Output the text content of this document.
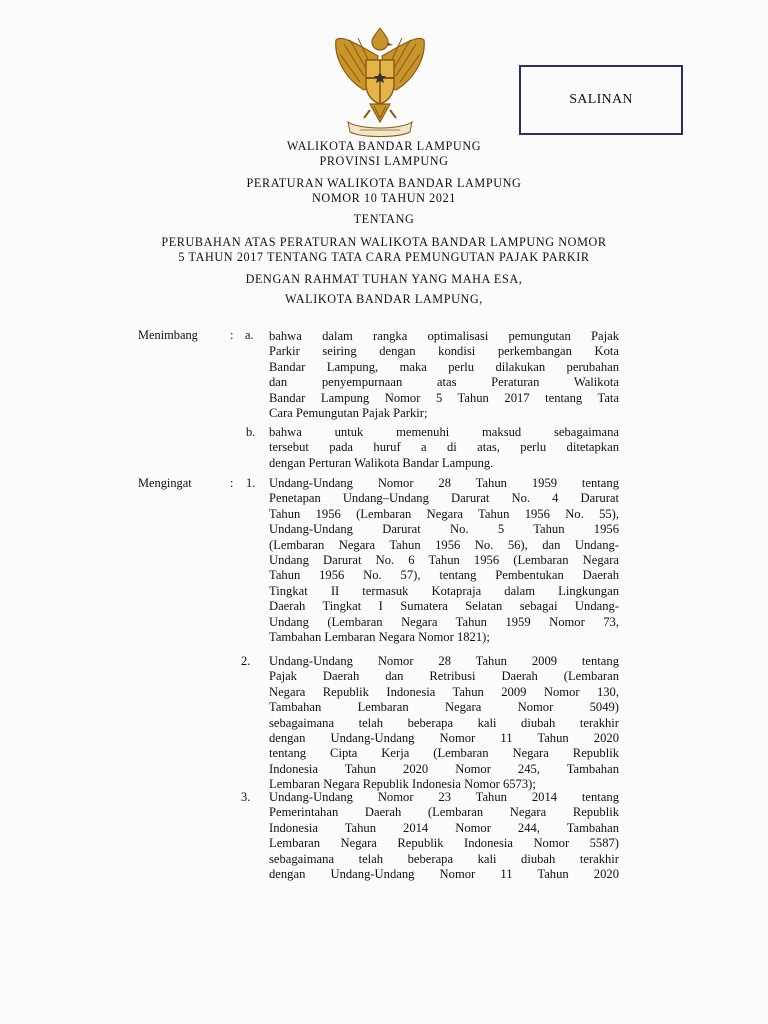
SALINAN
WALIKOTA BANDAR LAMPUNG
PROVINSI LAMPUNG
PERATURAN WALIKOTA BANDAR LAMPUNG
NOMOR 10 TAHUN 2021
TENTANG
PERUBAHAN ATAS PERATURAN WALIKOTA BANDAR LAMPUNG NOMOR
5 TAHUN 2017 TENTANG TATA CARA PEMUNGUTAN PAJAK PARKIR
DENGAN RAHMAT TUHAN YANG MAHA ESA,
WALIKOTA BANDAR LAMPUNG,
Menimbang	: a. bahwa dalam rangka optimalisasi pemungutan Pajak
Parkir seiring dengan kondisi perkembangan Kota
Bandar Lampung, maka perlu dilakukan perubahan
dan penyempurnaan atas Peraturan Walikota
Bandar Lampung Nomor 5 Tahun 2017 tentang Tata
Cara Pemungutan Pajak Parkir;
b. bahwa untuk memenuhi maksud sebagaimana
tersebut pada huruf a di atas, perlu ditetapkan
dengan Perturan Walikota Bandar Lampung.
Mengingat	: 1. Undang-Undang Nomor 28 Tahun 1959 tentang
Penetapan Undang–Undang Darurat No. 4 Darurat
Tahun 1956 (Lembaran Negara Tahun 1956 No. 55),
Undang-Undang Darurat No. 5 Tahun 1956
(Lembaran Negara Tahun 1956 No. 56), dan Undang-
Undang Darurat No. 6 Tahun 1956 (Lembaran Negara
Tahun 1956 No. 57), tentang Pembentukan Daerah
Tingkat II termasuk Kotapraja dalam Lingkungan
Daerah Tingkat I Sumatera Selatan sebagai Undang-
Undang (Lembaran Negara Tahun 1959 Nomor 73,
Tambahan Lembaran Negara Nomor 1821);
2. Undang-Undang Nomor 28 Tahun 2009 tentang
Pajak Daerah dan Retribusi Daerah (Lembaran
Negara Republik Indonesia Tahun 2009 Nomor 130,
Tambahan Lembaran Negara Nomor 5049)
sebagaimana telah beberapa kali diubah terakhir
dengan Undang-Undang Nomor 11 Tahun 2020
tentang Cipta Kerja (Lembaran Negara Republik
Indonesia Tahun 2020 Nomor 245, Tambahan
Lembaran Negara Republik Indonesia Nomor 6573);
3. Undang-Undang Nomor 23 Tahun 2014 tentang
Pemerintahan Daerah (Lembaran Negara Republik
Indonesia Tahun 2014 Nomor 244, Tambahan
Lembaran Negara Republik Indonesia Nomor 5587)
sebagaimana telah beberapa kali diubah terakhir
dengan Undang-Undang Nomor 11 Tahun 2020
